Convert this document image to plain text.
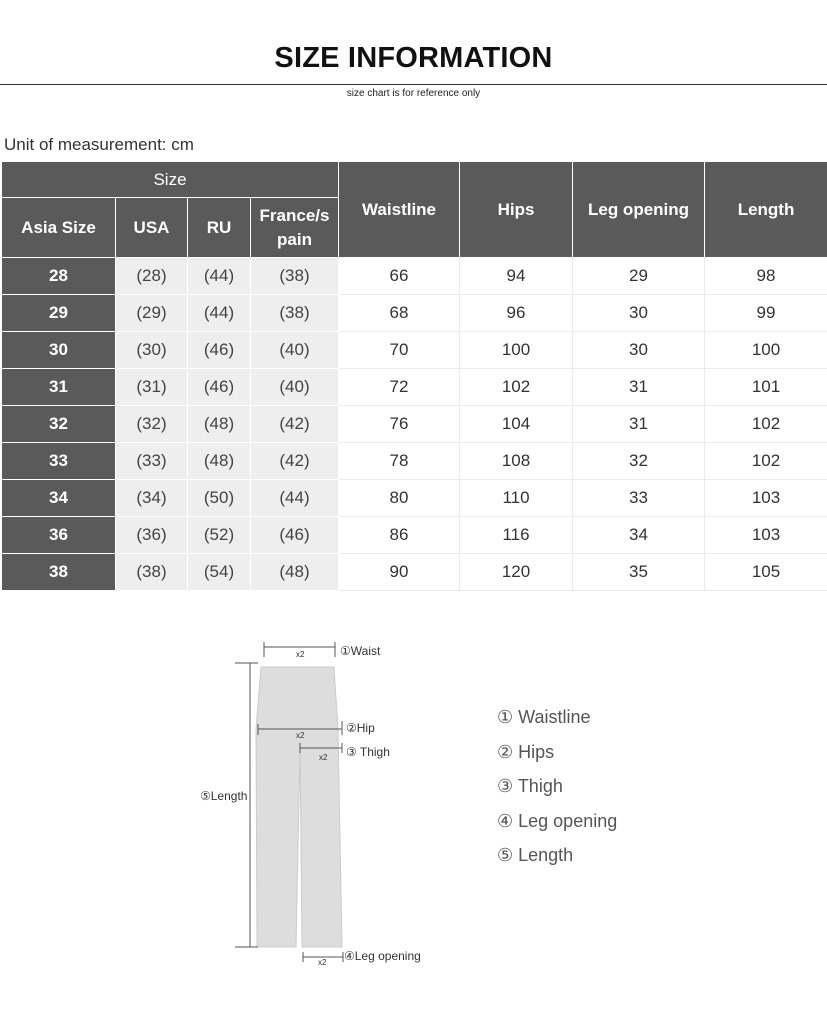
SIZE INFORMATION
size chart is for reference only
Unit of measurement: cm
Size				Waistline	Hips	Leg opening	Length
Asia Size	USA	RU	France/s pain				
28	(28)	(44)	(38)	66	94	29	98
29	(29)	(44)	(38)	68	96	30	99
30	(30)	(46)	(40)	70	100	30	100
31	(31)	(46)	(40)	72	102	31	101
32	(32)	(48)	(42)	76	104	31	102
33	(33)	(48)	(42)	78	108	32	102
34	(34)	(50)	(44)	80	110	33	103
36	(36)	(52)	(46)	86	116	34	103
38	(38)	(54)	(48)	90	120	35	105
x2	①Waist
x2
②Hip
x2 ③ Thigh
⑤Length
x2 ④Leg opening
① Waistline
② Hips
③ Thigh
④ Leg opening
⑤ Length
